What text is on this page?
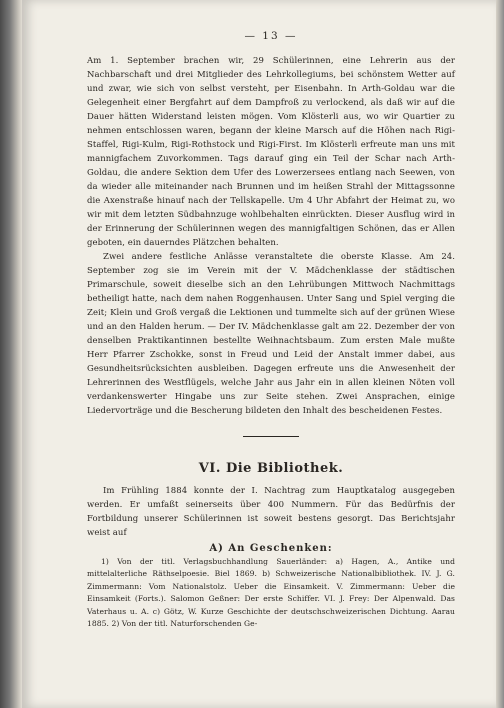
— 13 —

Am 1. September brachen wir, 29 Schülerinnen, eine Lehrerin aus der Nachbarschaft und drei Mitglieder des Lehrkollegiums, bei schönstem Wetter auf und zwar, wie sich von selbst versteht, per Eisenbahn. In Arth-Goldau war die Gelegenheit einer Bergfahrt auf dem Dampfroß zu verlockend, als daß wir auf die Dauer hätten Widerstand leisten mögen. Vom Klösterli aus, wo wir Quartier zu nehmen entschlossen waren, begann der kleine Marsch auf die Höhen nach Rigi-Staffel, Rigi-Kulm, Rigi-Rothstock und Rigi-First. Im Klösterli erfreute man uns mit mannigfachem Zuvorkommen. Tags darauf ging ein Teil der Schar nach Arth-Goldau, die andere Sektion dem Ufer des Lowerzersees entlang nach Seewen, von da wieder alle miteinander nach Brunnen und im heißen Strahl der Mittagssonne die Axenstraße hinauf nach der Tellskapelle. Um 4 Uhr Abfahrt der Heimat zu, wo wir mit dem letzten Südbahnzuge wohlbehalten einrückten. Dieser Ausflug wird in der Erinnerung der Schülerinnen wegen des mannigfaltigen Schönen, das er Allen geboten, ein dauerndes Plätzchen behalten.

Zwei andere festliche Anlässe veranstaltete die oberste Klasse. Am 24. September zog sie im Verein mit der V. Mädchenklasse der städtischen Primarschule, soweit dieselbe sich an den Lehrübungen Mittwoch Nachmittags betheiligt hatte, nach dem nahen Roggenhausen. Unter Sang und Spiel verging die Zeit; Klein und Groß vergaß die Lektionen und tummelte sich auf der grünen Wiese und an den Halden herum. — Der IV. Mädchenklasse galt am 22. Dezember der von denselben Praktikantinnen bestellte Weihnachtsbaum. Zum ersten Male mußte Herr Pfarrer Zschokke, sonst in Freud und Leid der Anstalt immer dabei, aus Gesundheitsrücksichten ausbleiben. Dagegen erfreute uns die Anwesenheit der Lehrerinnen des Westflügels, welche Jahr aus Jahr ein in allen kleinen Nöten voll verdankenswerter Hingabe uns zur Seite stehen. Zwei Ansprachen, einige Liedervorträge und die Bescherung bildeten den Inhalt des bescheidenen Festes.

VI. Die Bibliothek.

Im Frühling 1884 konnte der I. Nachtrag zum Hauptkatalog ausgegeben werden. Er umfaßt seinerseits über 400 Nummern. Für das Bedürfnis der Fortbildung unserer Schülerinnen ist soweit bestens gesorgt. Das Berichtsjahr weist auf

A) An Geschenken:

1) Von der titl. Verlagsbuchhandlung Sauerländer: a) Hagen, A., Antike und mittelalterliche Räthselpoesie. Biel 1869. b) Schweizerische Nationalbibliothek. IV. J. G. Zimmermann: Vom Nationalstolz. Ueber die Einsamkeit. V. Zimmermann: Ueber die Einsamkeit (Forts.). Salomon Geßner: Der erste Schiffer. VI. J. Frey: Der Alpenwald. Das Vaterhaus u. A. c) Götz, W. Kurze Geschichte der deutschschweizerischen Dichtung. Aarau 1885. 2) Von der titl. Naturforschenden Ge-
